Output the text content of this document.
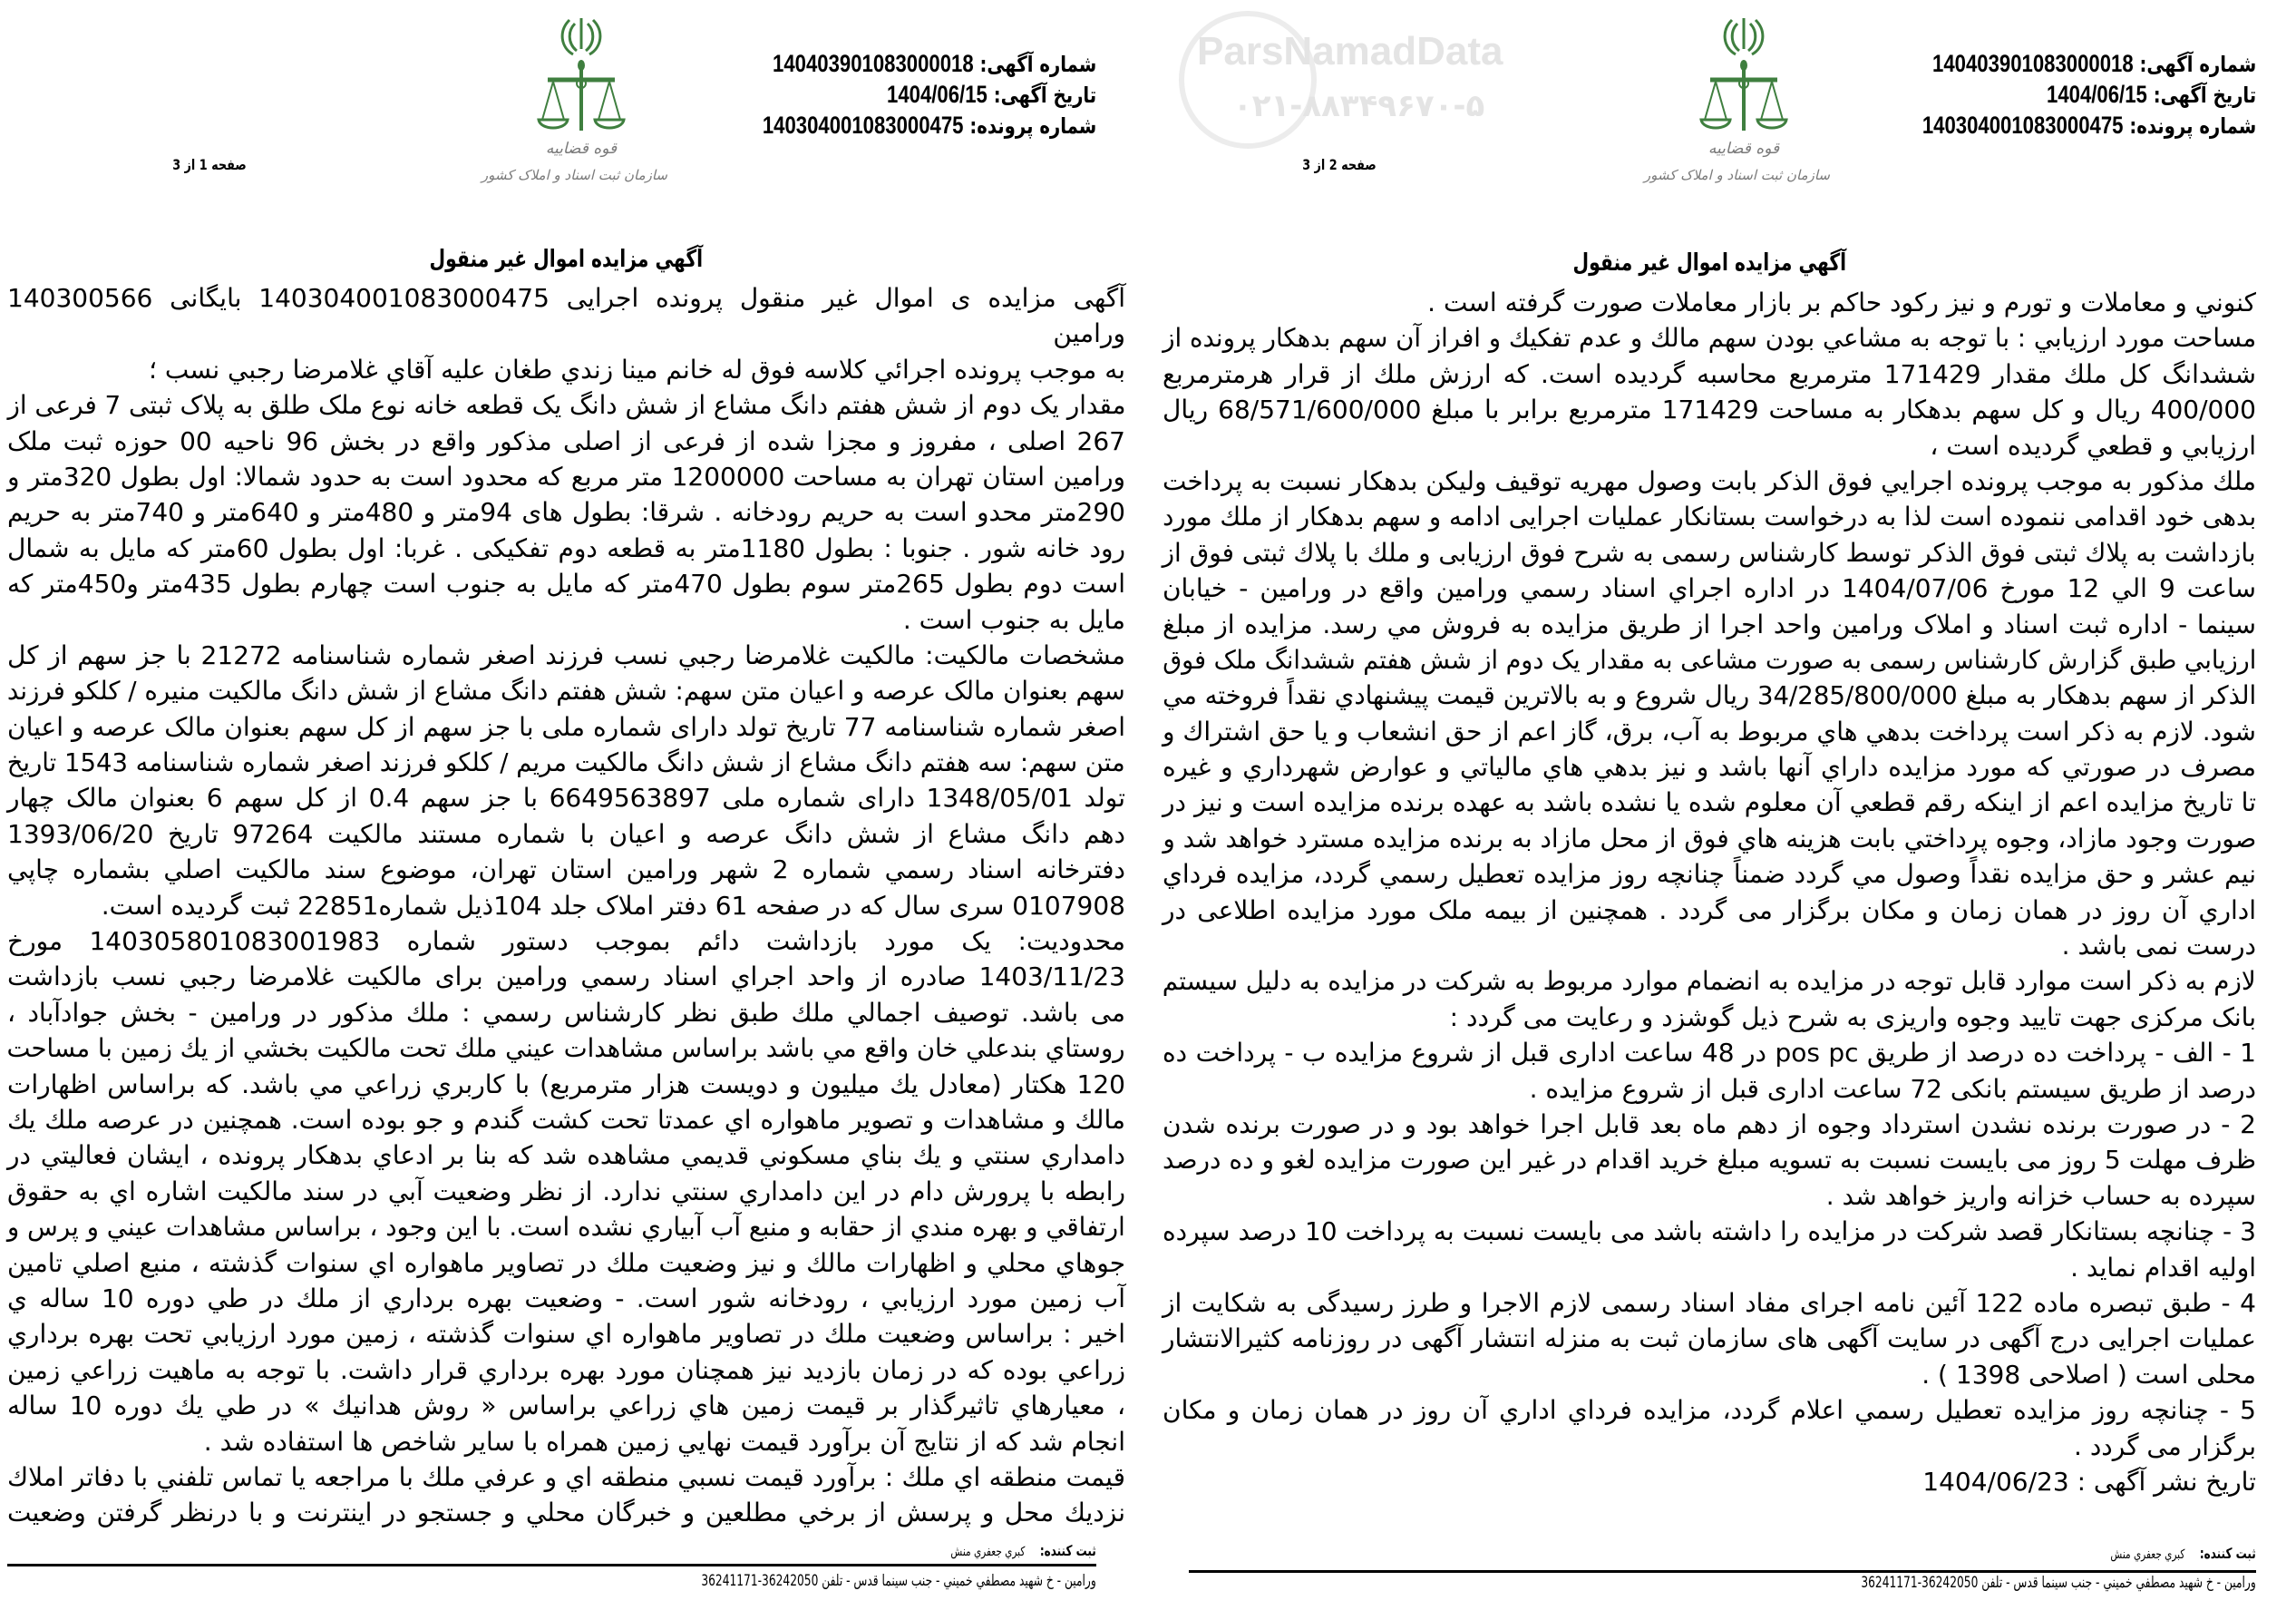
ParsNamadData
۰۲۱-۸۸۳۴۹۶۷۰-۵
شماره آگهی: 140403901083000018
تاریخ آگهی: 1404/06/15
شماره پرونده: 140304001083000475
قوه قضاییه
سازمان ثبت اسناد و املاک کشور
صفحه 1 از 3
آگهي مزايده اموال غير منقول
آگهی مزایده ی اموال غیر منقول پرونده اجرایی 140304001083000475 بایگانی 140300566
ورامین
به موجب پرونده اجرائي كلاسه فوق له خانم مينا زندي طغان عليه آقاي غلامرضا رجبي نسب ؛
مقدار یک دوم از شش هفتم دانگ مشاع از شش دانگ یک قطعه خانه نوع ملک طلق به پلاک ثبتی 7 فرعی از
267 اصلی ، مفروز و مجزا شده از فرعی از اصلی مذکور واقع در بخش 96 ناحیه 00 حوزه ثبت ملک
ورامین استان تهران به مساحت 1200000 متر مربع که محدود است به حدود شمالا: اول بطول 320متر و
290متر محدو است به حریم رودخانه . شرقا: بطول های 94متر و 480متر و 640متر و 740متر به حریم
رود خانه شور . جنوبا : بطول 1180متر به قطعه دوم تفکیکی . غربا: اول بطول 60متر که مایل به شمال
است دوم بطول 265متر سوم بطول 470متر که مایل به جنوب است چهارم بطول 435متر و450متر که
مایل به جنوب است .
مشخصات مالکیت: مالکیت غلامرضا رجبي نسب فرزند اصغر شماره شناسنامه 21272 با جز سهم از کل
سهم بعنوان مالک عرصه و اعیان متن سهم: شش هفتم دانگ مشاع از شش دانگ مالکیت منیره / کلکو فرزند
اصغر شماره شناسنامه 77 تاریخ تولد دارای شماره ملی با جز سهم از کل سهم بعنوان مالک عرصه و اعیان
متن سهم: سه هفتم دانگ مشاع از شش دانگ مالکیت مریم / کلکو فرزند اصغر شماره شناسنامه 1543 تاریخ
تولد 1348/05/01 دارای شماره ملی 6649563897 با جز سهم 0.4 از کل سهم 6 بعنوان مالک چهار
دهم دانگ مشاع از شش دانگ عرصه و اعیان با شماره مستند مالکیت 97264 تاریخ 1393/06/20
دفترخانه اسناد رسمي شماره 2 شهر ورامين استان تهران، موضوع سند مالكيت اصلي بشماره چاپي
0107908 سری سال که در صفحه 61 دفتر املاک جلد 104ذیل شماره22851 ثبت گردیده است.
محدودیت: یک مورد بازداشت دائم بموجب دستور شماره 140305801083001983 مورخ
1403/11/23 صادره از واحد اجراي اسناد رسمي ورامين برای مالكيت غلامرضا رجبي نسب بازداشت
می باشد. توصيف اجمالي ملك طبق نظر كارشناس رسمي : ملك مذكور در ورامين - بخش جوادآباد ،
روستاي بندعلي خان واقع مي باشد براساس مشاهدات عيني ملك تحت مالكيت بخشي از يك زمين با مساحت
120 هكتار (معادل يك ميليون و دويست هزار مترمربع) با كاربري زراعي مي باشد. كه براساس اظهارات
مالك و مشاهدات و تصوير ماهواره اي عمدتا تحت كشت گندم و جو بوده است. همچنين در عرصه ملك يك
دامداري سنتي و يك بناي مسكوني قديمي مشاهده شد كه بنا بر ادعاي بدهكار پرونده ، ايشان فعاليتي در
رابطه با پرورش دام در اين دامداري سنتي ندارد. از نظر وضعيت آبي در سند مالكيت اشاره اي به حقوق
ارتفاقي و بهره مندي از حقابه و منبع آب آبياري نشده است. با اين وجود ، براساس مشاهدات عيني و پرس و
جوهاي محلي و اظهارات مالك و نيز وضعيت ملك در تصاوير ماهواره اي سنوات گذشته ، منبع اصلي تامين
آب زمين مورد ارزيابي ، رودخانه شور است. - وضعيت بهره برداري از ملك در طي دوره 10 ساله ي
اخير : براساس وضعيت ملك در تصاوير ماهواره اي سنوات گذشته ، زمين مورد ارزيابي تحت بهره برداري
زراعي بوده كه در زمان بازديد نيز همچنان مورد بهره برداري قرار داشت. با توجه به ماهيت زراعي زمين
، معيارهاي تاثيرگذار بر قيمت زمين هاي زراعي براساس « روش هدانيك » در طي يك دوره 10 ساله
انجام شد كه از نتايج آن برآورد قيمت نهايي زمين همراه با ساير شاخص ها استفاده شد .
قيمت منطقه اي ملك : برآورد قيمت نسبي منطقه اي و عرفي ملك با مراجعه يا تماس تلفني با دفاتر املاك
نزديك محل و پرسش از برخي مطلعين و خبرگان محلي و جستجو در اينترنت و با درنظر گرفتن وضعيت
ثبت کننده:کبري جعفري منش
ورامين - خ شهيد مصطفي خميني - جنب سينما قدس - تلفن 36242050-36241171
شماره آگهی: 140403901083000018
تاریخ آگهی: 1404/06/15
شماره پرونده: 140304001083000475
قوه قضاییه
سازمان ثبت اسناد و املاک کشور
صفحه 2 از 3
آگهي مزايده اموال غير منقول
كنوني و معاملات و تورم و نيز ركود حاكم بر بازار معاملات صورت گرفته است .
مساحت مورد ارزيابي : با توجه به مشاعي بودن سهم مالك و عدم تفكيك و افراز آن سهم بدهكار پرونده از
ششدانگ كل ملك مقدار 171429 مترمربع محاسبه گرديده است. كه ارزش ملك از قرار هرمترمربع
400/000 ريال و كل سهم بدهكار به مساحت 171429 مترمربع برابر با مبلغ 68/571/600/000 ريال
ارزيابي و قطعي گرديده است ،
ملك مذكور به موجب پرونده اجرايي فوق الذكر بابت وصول مهريه توقيف وليكن بدهكار نسبت به پرداخت
بدهی خود اقدامی ننموده است لذا به درخواست بستانكار عمليات اجرايی ادامه و سهم بدهكار از ملك مورد
بازداشت به پلاك ثبتی فوق الذكر توسط كارشناس رسمی به شرح فوق ارزيابی و ملك با پلاك ثبتی فوق از
ساعت 9 الي 12 مورخ 1404/07/06 در اداره اجراي اسناد رسمي ورامين واقع در ورامين - خيابان
سينما - اداره ثبت اسناد و املاک ورامين واحد اجرا از طريق مزايده به فروش مي رسد. مزايده از مبلغ
ارزيابي طبق گزارش كارشناس رسمی به صورت مشاعی به مقدار يک دوم از شش هفتم ششدانگ ملک فوق
الذكر از سهم بدهكار به مبلغ 34/285/800/000 ريال شروع و به بالاترين قيمت پيشنهادي نقداً فروخته مي
شود. لازم به ذكر است پرداخت بدهي هاي مربوط به آب، برق، گاز اعم از حق انشعاب و يا حق اشتراك و
مصرف در صورتي كه مورد مزايده داراي آنها باشد و نيز بدهي هاي مالياتي و عوارض شهرداري و غيره
تا تاريخ مزايده اعم از اينكه رقم قطعي آن معلوم شده يا نشده باشد به عهده برنده مزايده است و نيز در
صورت وجود مازاد، وجوه پرداختي بابت هزينه هاي فوق از محل مازاد به برنده مزايده مسترد خواهد شد و
نيم عشر و حق مزايده نقداً وصول مي گردد ضمناً چنانچه روز مزايده تعطيل رسمي گردد، مزايده فرداي
اداري آن روز در همان زمان و مكان برگزار می گردد . همچنين از بيمه ملک مورد مزايده اطلاعی در
درست نمی باشد .
لازم به ذكر است موارد قابل توجه در مزايده به انضمام موارد مربوط به شركت در مزايده به دليل سيستم
بانک مركزی جهت تاييد وجوه واريزی به شرح ذيل گوشزد و رعايت می گردد :
1 - الف - پرداخت ده درصد از طريق pos pc در 48 ساعت اداری قبل از شروع مزايده ب - پرداخت ده
درصد از طريق سيستم بانكی 72 ساعت اداری قبل از شروع مزايده .
2 - در صورت برنده نشدن استرداد وجوه از دهم ماه بعد قابل اجرا خواهد بود و در صورت برنده شدن
ظرف مهلت 5 روز می بايست نسبت به تسويه مبلغ خريد اقدام در غير اين صورت مزايده لغو و ده درصد
سپرده به حساب خزانه واريز خواهد شد .
3 - چنانچه بستانكار قصد شركت در مزايده را داشته باشد می بايست نسبت به پرداخت 10 درصد سپرده
اوليه اقدام نمايد .
4 - طبق تبصره ماده 122 آئين نامه اجرای مفاد اسناد رسمی لازم الاجرا و طرز رسيدگی به شكايت از
عمليات اجرايی درج آگهی در سايت آگهی های سازمان ثبت به منزله انتشار آگهی در روزنامه كثيرالانتشار
محلی است ( اصلاحی 1398 ) .
5 - چنانچه روز مزايده تعطيل رسمي اعلام گردد، مزايده فرداي اداري آن روز در همان زمان و مكان
برگزار می گردد .
تاريخ نشر آگهی : 1404/06/23
ثبت کننده:کبري جعفري منش
ورامين - خ شهيد مصطفي خميني - جنب سينما قدس - تلفن 36242050-36241171
